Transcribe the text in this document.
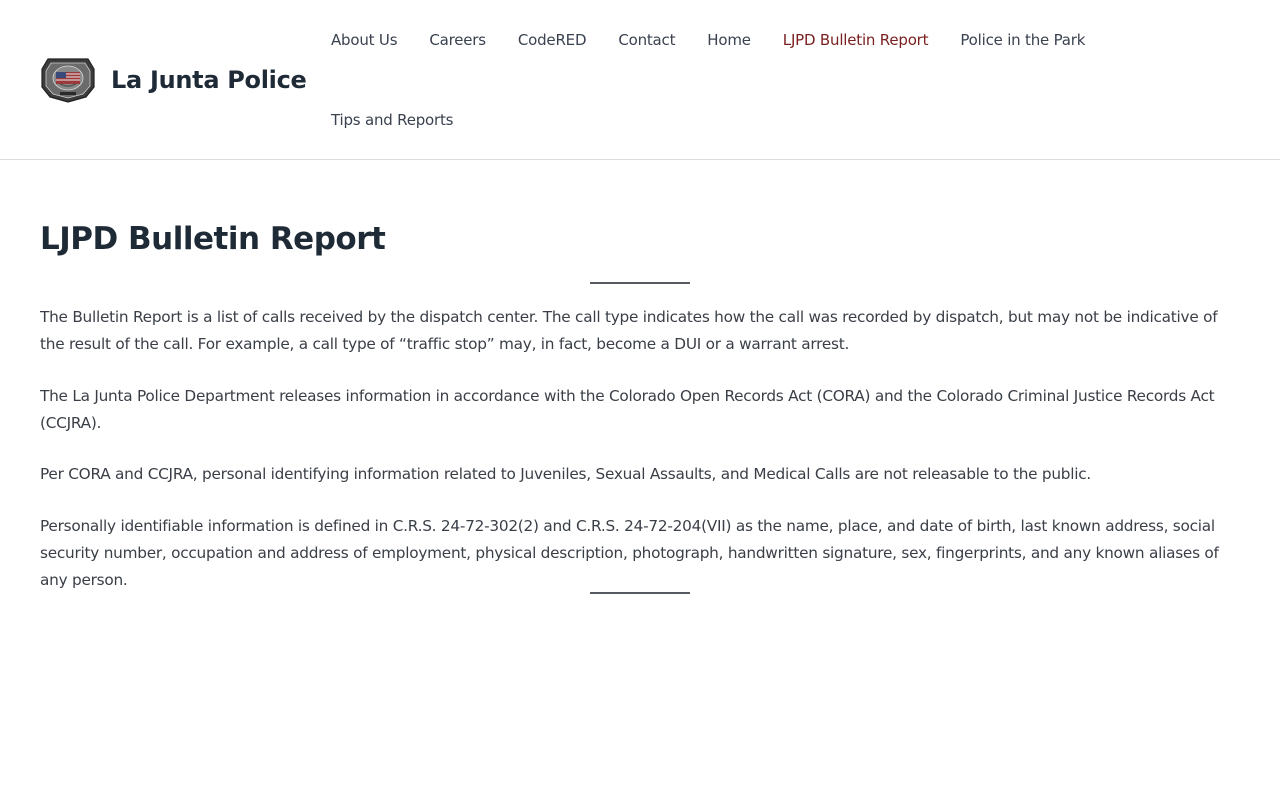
La Junta Police
About Us Careers CodeRED Contact Home LJPD Bulletin Report Police in the Park
Tips and Reports
LJPD Bulletin Report

The Bulletin Report is a list of calls received by the dispatch center. The call type indicates how the call was recorded by dispatch, but may not be indicative of the result of the call. For example, a call type of “traffic stop” may, in fact, become a DUI or a warrant arrest.

The La Junta Police Department releases information in accordance with the Colorado Open Records Act (CORA) and the Colorado Criminal Justice Records Act (CCJRA).

Per CORA and CCJRA, personal identifying information related to Juveniles, Sexual Assaults, and Medical Calls are not releasable to the public.

Personally identifiable information is defined in C.R.S. 24-72-302(2) and C.R.S. 24-72-204(VII) as the name, place, and date of birth, last known address, social security number, occupation and address of employment, physical description, photograph, handwritten signature, sex, fingerprints, and any known aliases of any person.
